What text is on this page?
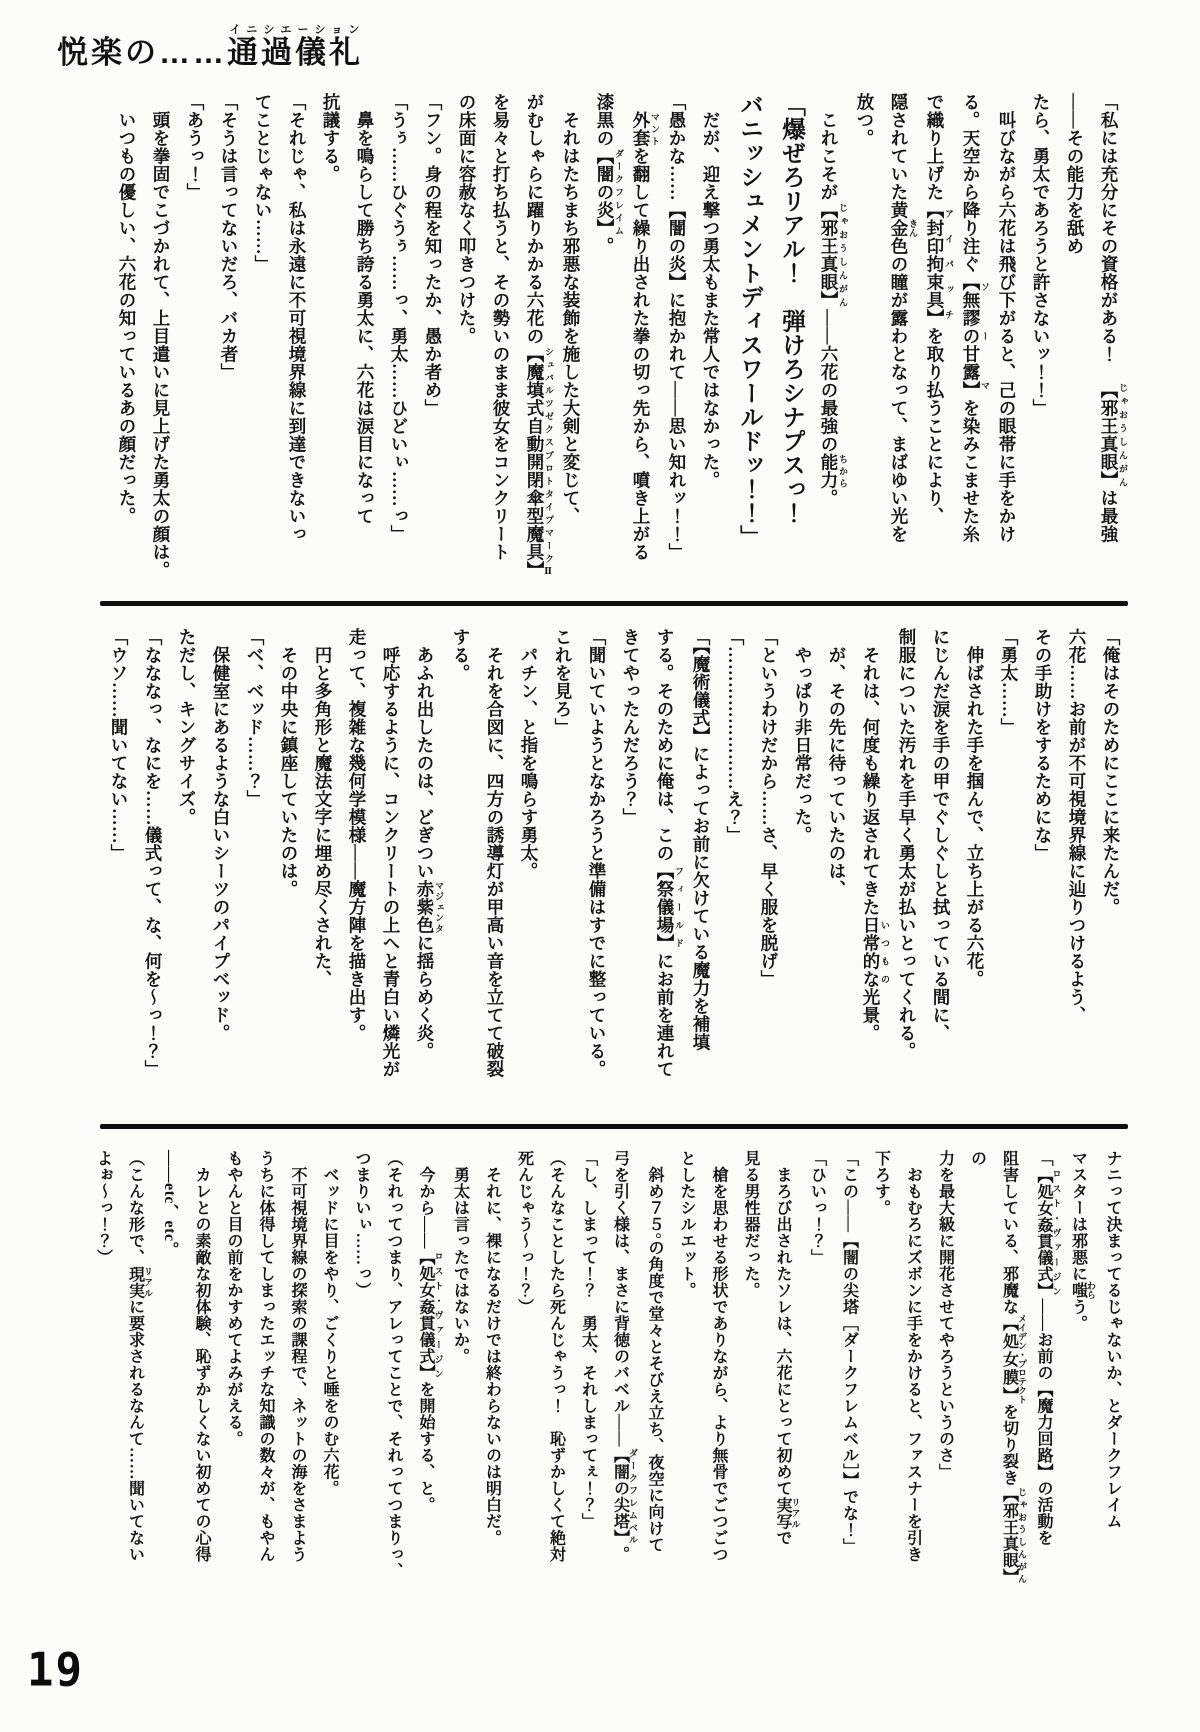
悦楽の……通過儀礼イニシエーション

「私には充分にその資格がある！　【邪王真眼】 じゃおうしんがんは最強

――その能力を舐め

たら、勇太であろうと許さないッ！！」

　叫びながら六花は飛び下がると、己の眼帯に手をかけ

る。天空から降り注ぐ【無謬の甘露】 ソーマを染みこませた糸

で織り上げた【封印拘束具】 アイパッチを取り払うことにより、

隠されていた黄金 きん色の瞳が露わとなって、まばゆい光を

放つ。

　これこそが【邪王真眼】 じゃおうしんがん――六花の最強の能力 ちから。

「爆ぜろリアル！　弾けろシナプスっ！

バニッシュメントディスワールドッ！！」

　だが、迎え撃つ勇太もまた常人ではなかった。

「愚かな……【闇の炎】に抱かれて――思い知れッ！！」

　外套 マントを翻して繰り出された拳の切っ先から、噴き上がる

漆黒の【闇の炎】 ダークフレイム。

　それはたちまち邪悪な装飾を施した大剣と変じて、

がむしゃらに躍りかかる六花の【魔填式自動開閉傘型魔具】 シュバルツゼクスプロトタイプマークⅡ

を易々と打ち払うと、その勢いのまま彼女をコンクリート

の床面に容赦なく叩きつけた。

「フン。身の程を知ったか、愚か者め」

「うぅ……ひぐうぅ……っ、勇太……ひどいぃ……っ」

　鼻を鳴らして勝ち誇る勇太に、六花は涙目になって

抗議する。

「それじゃ、私は永遠に不可視境界線に到達できないっ

てことじゃない……」

「そうは言ってないだろ、バカ者」

「あうっ！」

　頭を拳固でこづかれて、上目遣いに見上げた勇太の顔は。

　いつもの優しい、六花の知っているあの顔だった。

「俺はそのためにここに来たんだ。

六花……お前が不可視境界線に辿りつけるよう、

その手助けをするためにな」

「勇太……」

　伸ばされた手を掴んで、立ち上がる六花。

にじんだ涙を手の甲でぐしぐしと拭っている間に、

制服についた汚れを手早く勇太が払いとってくれる。

　それは、何度も繰り返されてきた日常的な いつもの光景。

　が、その先に待っていたのは、

　やっぱり非日常だった。

「というわけだから……さ、早く服を脱げ」

「……………………え？」

「【魔術儀式】によってお前に欠けている魔力を補填

する。そのために俺は、この【祭儀場】 フィールドにお前を連れて

きてやったんだろう？」

「聞いていようとなかろうと準備はすでに整っている。

これを見ろ」

　パチン、と指を鳴らす勇太。

　それを合図に、四方の誘導灯が甲高い音を立てて破裂

する。

　あふれ出したのは、どぎつい赤紫色 マジェンタに揺らめく炎。

　呼応するように、コンクリートの上へと青白い燐光が

走って、複雑な幾何学模様――魔方陣を描き出す。

　円と多角形と魔法文字に埋め尽くされた、

　その中央に鎮座していたのは。

「ベ、ベッド……？」

　保健室にあるような白いシーツのパイプベッド。

ただし、キングサイズ。

「なななっ、なにを……儀式って、な、何を～っ！？」

「ウソ……聞いてない……」

ナニって決まってるじゃないか、とダークフレイム

マスターは邪悪に嗤 わらう。

「【処女姦貫儀式】 ロスト・ヴァージン――お前の【魔力回路】の活動を

阻害している、邪魔な【処女膜】 メイデン・プロテクトを切り裂き【邪王真眼】 じゃおうしんがんの

力を最大級に開花させてやろうというのさ」

　おもむろにズボンに手をかけると、ファスナーを引き

下ろす。

「この――【闇の尖塔［ダークフレムベル］】でな！」

「ひいっ！？」

　まろび出されたソレは、六花にとって初めて実写 リアルで

見る男性器だった。

　槍を思わせる形状でありながら、より無骨でごつごつ

としたシルエット。

　斜め７５°の角度で堂々とそびえ立ち、夜空に向けて

弓を引く様は、まさに背徳のバベル――【闇の尖塔】 ダークフレムベル。

「し、しまって！？　勇太、それしまってぇ！？」

（そんなことしたら死んじゃうっ！　恥ずかしくて絶対

死んじゃう～っ！？）

　それに、裸になるだけでは終わらないのは明白だ。

　勇太は言ったではないか。

　今から――【処女姦貫儀式】 ロスト・ヴァージンを開始する、と。

（それってつまり、アレってことで、それってつまりっ、

つまりいぃ……っ）

　ベッドに目をやり、ごくりと唾をのむ六花。

　不可視境界線の探索の課程で、ネットの海をさまよう

うちに体得してしまったエッチな知識の数々が、もやん

もやんと目の前をかすめてよみがえる。

　カレとの素敵な初体験、恥ずかしくない初めての心得

――etc、etc。

（こんな形で、現実 リアルに要求されるなんて……聞いてない

よぉ～っ！？）

19
